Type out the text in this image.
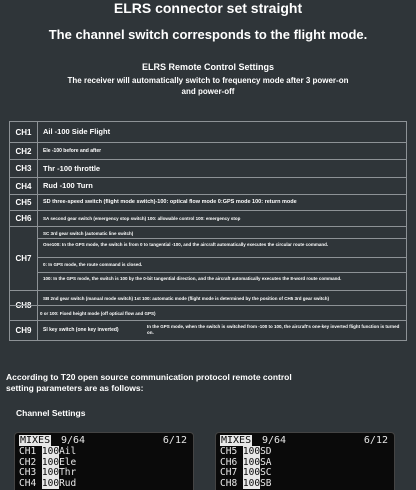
ELRS connector set straight
The channel switch corresponds to the flight mode.
ELRS Remote Control Settings
The receiver will automatically switch to frequency mode after 3 power-on and power-off
CH1	Ail -100 Side Flight
CH2	Ele -100 before and after
CH3	Thr -100 throttle
CH4	Rud -100 Turn
CH5	SD three-speed switch (flight mode switch)-100: optical flow mode 0:GPS mode 100: return mode
CH6	SA second gear switch (emergency stop switch) 100: allowable control 100: emergency stop
CH7
SC 3rd gear switch (automatic line switch)
One100: In the GPS mode, the switch is from 0 to tangential -100, and the aircraft automatically executes the circular route command.
0: In GPS mode, the route command is closed.
100: In the GPS mode, the switch is 100 by the 0-bit tangential direction, and the aircraft automatically executes the 8-word route command.
CH8
SB 2nd gear switch (manual mode switch) 1st 100: automatic mode (flight mode is determined by the position of CH5 3rd gear switch)
0 or 100: Fixed height mode (off optical flow and GPS)
CH9	SI key switch (one key inverted)
In the GPS mode, when the switch is switched from -100 to 100, the aircraft's one-key inverted flight function is turned on.
According to T20 open source communication protocol remote control setting parameters are as follows:
Channel Settings
MIXES 9/64	6/12
CH1 100Ail
CH2 100Ele
CH3 100Thr
CH4 100Rud
MIXES 9/64	6/12
CH5 100SD
CH6 100SA
CH7 100SC
CH8 100SB
